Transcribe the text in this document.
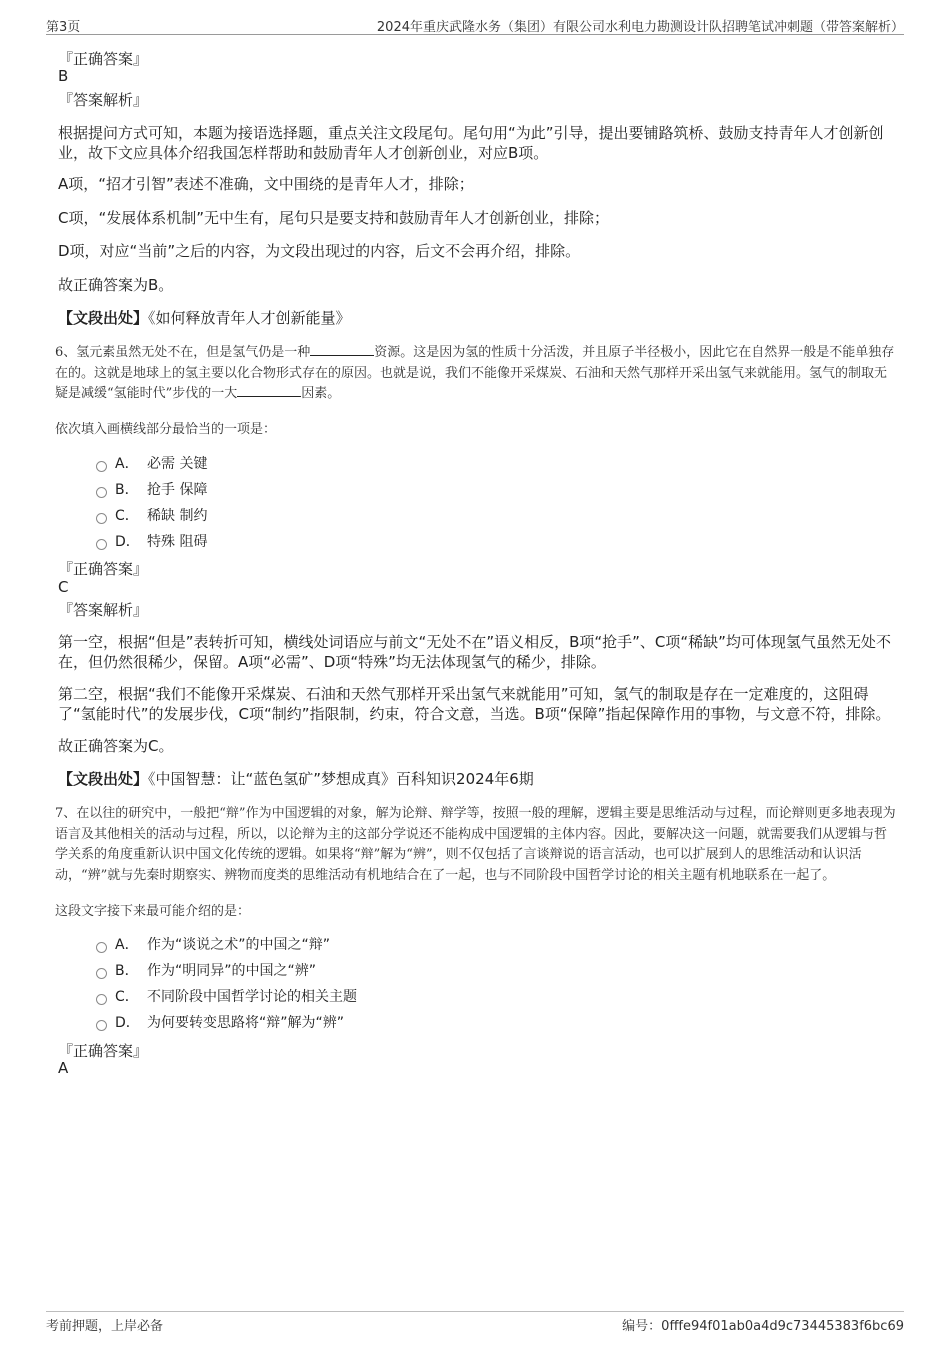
第3页	2024年重庆武隆水务（集团）有限公司水利电力勘测设计队招聘笔试冲刺题（带答案解析）
『正确答案』
B
『答案解析』
根据提问方式可知，本题为接语选择题，重点关注文段尾句。尾句用“为此”引导，提出要铺路筑桥、鼓励支持青年人才创新创业，故下文应具体介绍我国怎样帮助和鼓励青年人才创新创业，对应B项。
A项，“招才引智”表述不准确，文中围绕的是青年人才，排除；
C项，“发展体系机制”无中生有，尾句只是要支持和鼓励青年人才创新创业，排除；
D项，对应“当前”之后的内容，为文段出现过的内容，后文不会再介绍，排除。
故正确答案为B。
【文段出处】《如何释放青年人才创新能量》
6、氢元素虽然无处不在，但是氢气仍是一种	资源。这是因为氢的性质十分活泼，并且原子半径极小，因此它在自然界一般是不能单独存在的。这就是地球上的氢主要以化合物形式存在的原因。也就是说，我们不能像开采煤炭、石油和天然气那样开采出氢气来就能用。氢气的制取无疑是减缓“氢能时代”步伐的一大	因素。
依次填入画横线部分最恰当的一项是：
A． 必需 关键
B． 抢手 保障
C． 稀缺 制约
D． 特殊 阻碍
『正确答案』
C
『答案解析』
第一空，根据“但是”表转折可知，横线处词语应与前文“无处不在”语义相反，B项“抢手”、C项“稀缺”均可体现氢气虽然无处不在，但仍然很稀少，保留。A项“必需”、D项“特殊”均无法体现氢气的稀少，排除。
第二空，根据“我们不能像开采煤炭、石油和天然气那样开采出氢气来就能用”可知，氢气的制取是存在一定难度的，这阻碍了“氢能时代”的发展步伐，C项“制约”指限制，约束，符合文意，当选。B项“保障”指起保障作用的事物，与文意不符，排除。
故正确答案为C。
【文段出处】《中国智慧：让“蓝色氢矿”梦想成真》百科知识2024年6期
7、在以往的研究中，一般把“辩”作为中国逻辑的对象，解为论辩、辩学等，按照一般的理解，逻辑主要是思维活动与过程，而论辩则更多地表现为语言及其他相关的活动与过程，所以，以论辩为主的这部分学说还不能构成中国逻辑的主体内容。因此，要解决这一问题，就需要我们从逻辑与哲学关系的角度重新认识中国文化传统的逻辑。如果将“辩”解为“辨”，则不仅包括了言谈辩说的语言活动，也可以扩展到人的思维活动和认识活动，“辨”就与先秦时期察实、辨物而度类的思维活动有机地结合在了一起，也与不同阶段中国哲学讨论的相关主题有机地联系在一起了。
这段文字接下来最可能介绍的是：
A． 作为“谈说之术”的中国之“辩”
B． 作为“明同异”的中国之“辨”
C． 不同阶段中国哲学讨论的相关主题
D． 为何要转变思路将“辩”解为“辨”
『正确答案』
A
考前押题，上岸必备	编号：0fffe94f01ab0a4d9c73445383f6bc69
